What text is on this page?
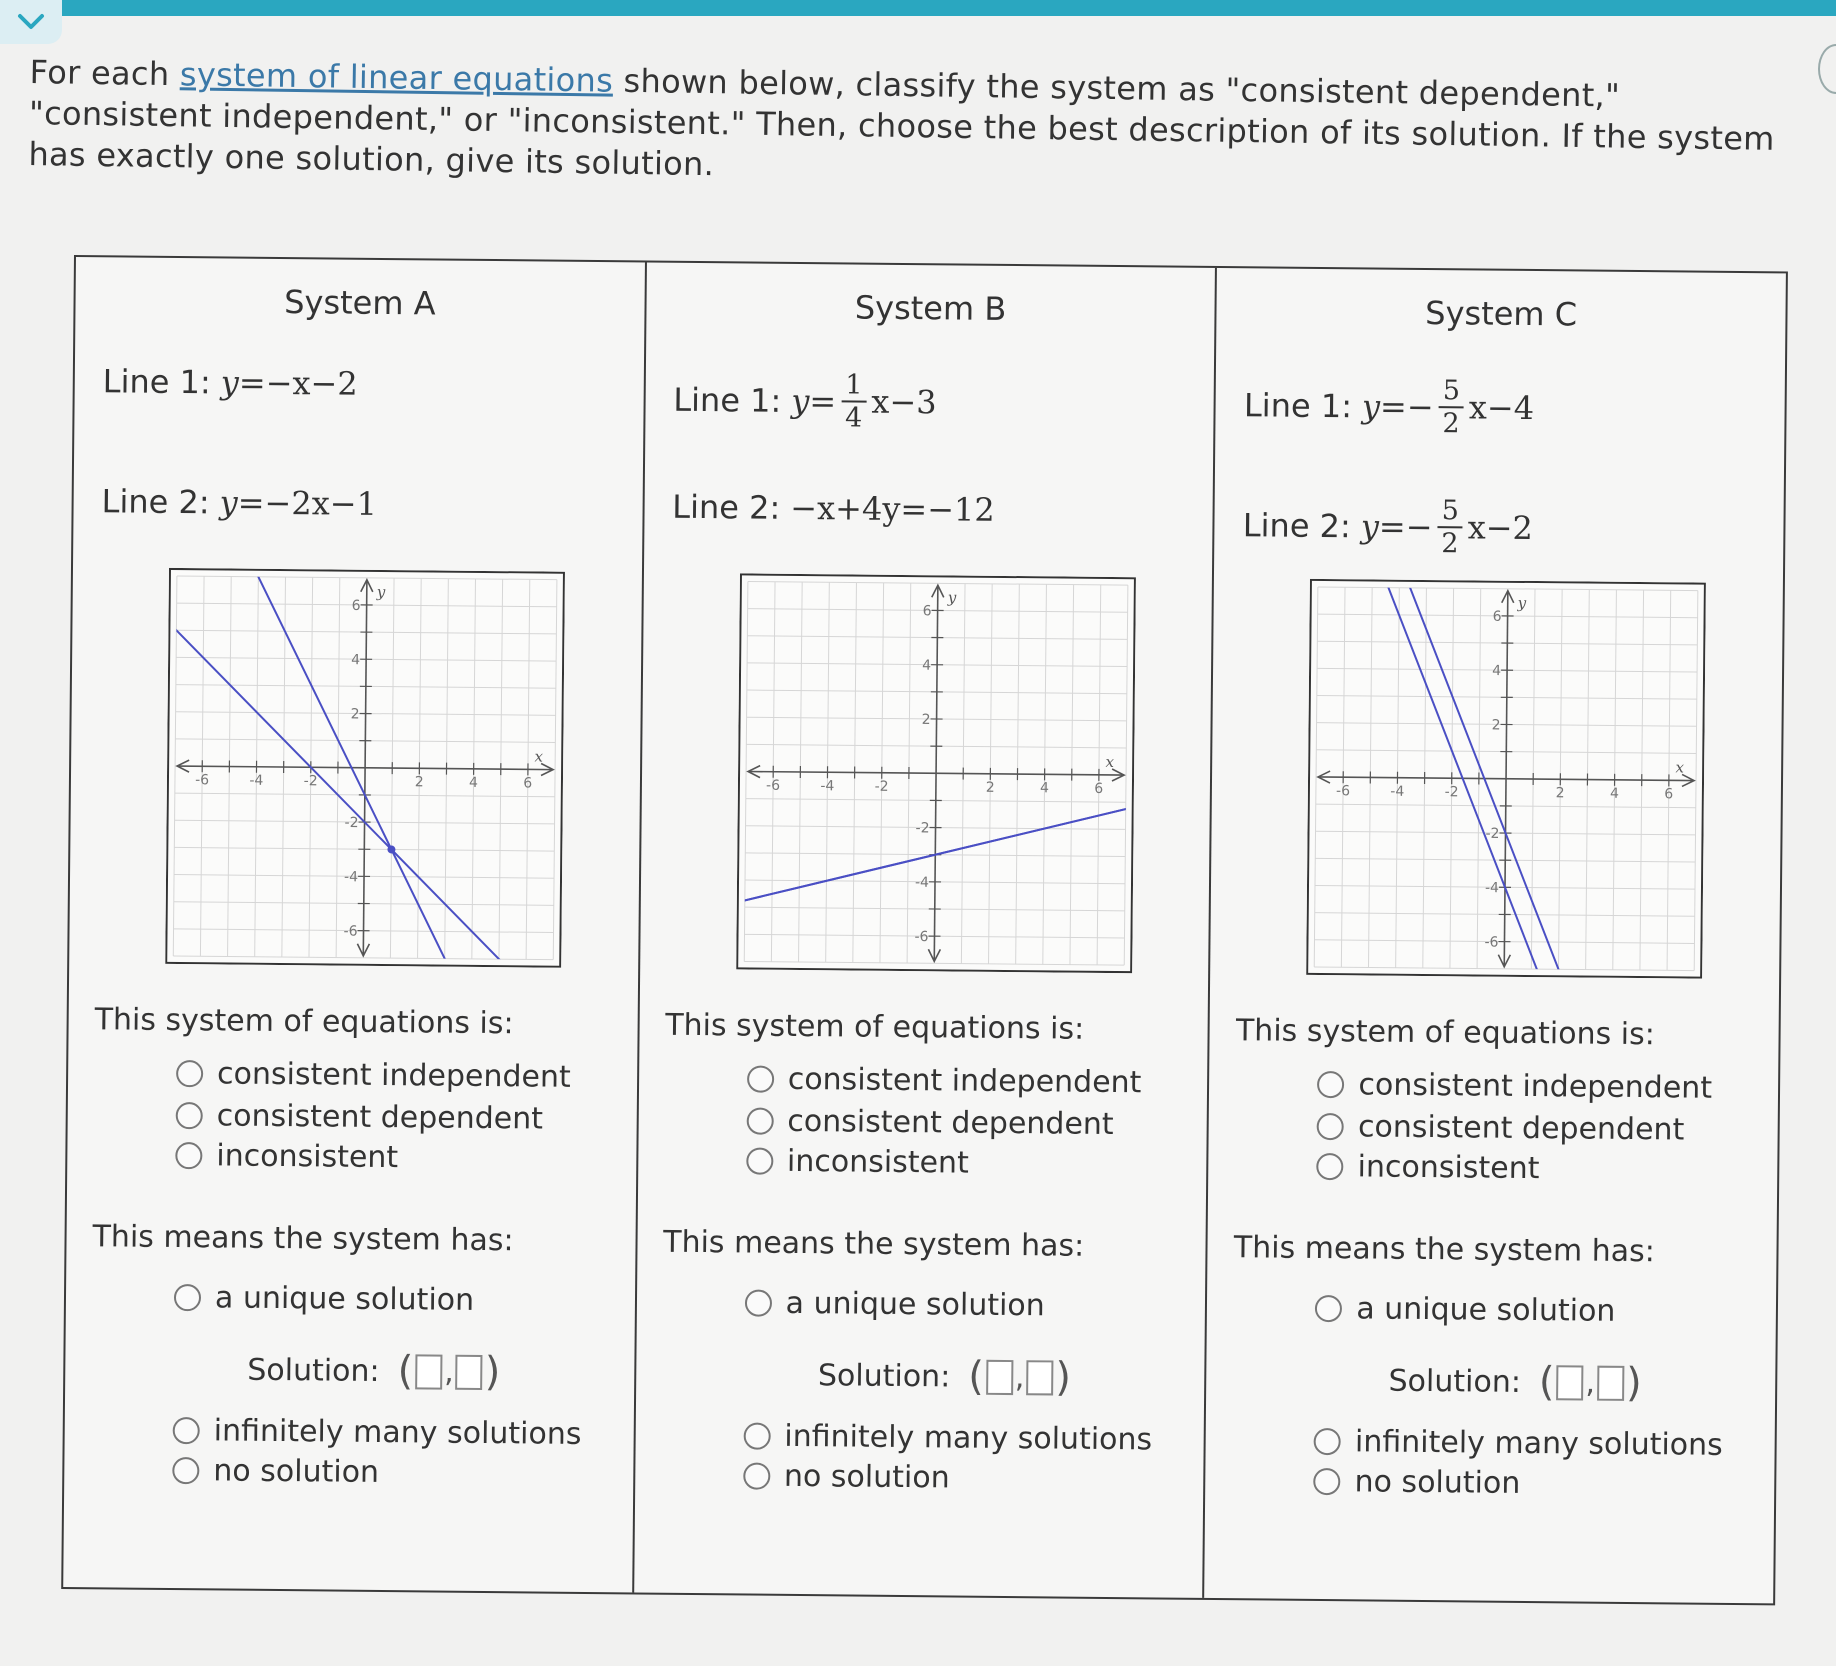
For each system of linear equations shown below, classify the system as "consistent dependent," "consistent independent," or "inconsistent." Then, choose the best description of its solution. If the system has exactly one solution, give its solution.
System A
Line 1: y = −x−2
Line 2: y = −2x−1
-6	-4	-2	2	4	6
6
4
2
-2
-4
-6
x
y
This system of equations is:
consistent independent
consistent dependent
inconsistent
This means the system has:
a unique solution
Solution: ( , )
infinitely many solutions
no solution
System B
Line 1: $y = \frac{1}{4} x-3$
Line 2: −x+4y=−12
-6	-4	-2	2	4	6
6
4
2
-2
-4
-6
x
y
This system of equations is:
consistent independent
consistent dependent
inconsistent
This means the system has:
a unique solution
Solution: ( , )
infinitely many solutions
no solution
System C
Line 1: y = − $\frac{5}{2} x-4$
Line 2: y = − $\frac{5}{2} x-2$
-6	-4	-2	2	4	6
6
4
2
-2
-4
-6
x
y
This system of equations is:
consistent independent
consistent dependent
inconsistent
This means the system has:
a unique solution
Solution: ( , )
infinitely many solutions
no solution
